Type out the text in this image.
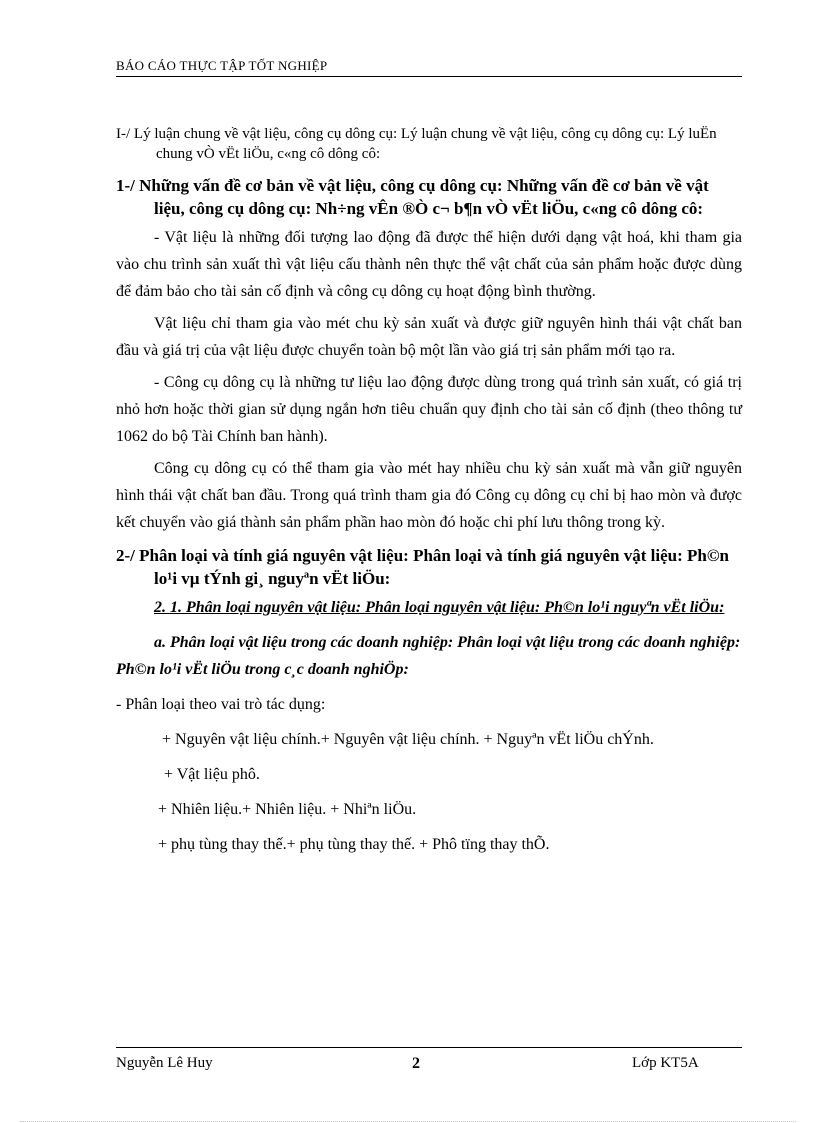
BÁO CÁO THỰC TẬP TỐT NGHIỆP
I-/ Lý luận chung về vật liệu, công cụ dông cụ: Lý luận chung về vật liệu, công cụ dông cụ: Lý luËn chung vÒ vËt liÖu, c«ng cô dông cô:
1-/ Những vấn đề cơ bản về vật liệu, công cụ dông cụ: Những vấn đề cơ bản về vật liệu, công cụ dông cụ: Nh÷ng vÊn ®Ò c¬ b¶n vÒ vËt liÖu, c«ng cô dông cô:
- Vật liệu là những đối tượng lao động đã được thể hiện dưới dạng vật hoá, khi tham gia vào chu trình sản xuất thì vật liệu cấu thành nên thực thể vật chất của sản phẩm hoặc được dùng để đảm bảo cho tài sản cố định và công cụ dông cụ hoạt động bình thường.
Vật liệu chỉ tham gia vào mét chu kỳ sản xuất và được giữ nguyên hình thái vật chất ban đầu và giá trị của vật liệu được chuyển toàn bộ một lần vào giá trị sản phẩm mới tạo ra.
- Công cụ dông cụ là những tư liệu lao động được dùng trong quá trình sản xuất, có giá trị nhỏ hơn hoặc thời gian sử dụng ngắn hơn tiêu chuẩn quy định cho tài sản cố định (theo thông tư 1062 do bộ Tài Chính ban hành).
Công cụ dông cụ có thể tham gia vào mét hay nhiều chu kỳ sản xuất mà vẫn giữ nguyên hình thái vật chất ban đầu. Trong quá trình tham gia đó Công cụ dông cụ chỉ bị hao mòn và được kết chuyển vào giá thành sản phẩm phần hao mòn đó hoặc chi phí lưu thông trong kỳ.
2-/ Phân loại và tính giá nguyên vật liệu: Phân loại và tính giá nguyên vật liệu: Ph©n lo¹i vµ tÝnh gi¸ nguyªn vËt liÖu:
2. 1. Phân loại nguyên vật liệu: Phân loại nguyên vật liệu: Ph©n lo¹i nguyªn vËt liÖu:
a. Phân loại vật liệu trong các doanh nghiệp: Phân loại vật liệu trong các doanh nghiệp: Ph©n lo¹i vËt liÖu trong c¸c doanh nghiÖp:
- Phân loại theo vai trò tác dụng:
+ Nguyên vật liệu chính.+ Nguyên vật liệu chính. + Nguyªn vËt liÖu chÝnh.
+ Vật liệu phô.
+ Nhiên liệu.+ Nhiên liệu. + Nhiªn liÖu.
+ phụ tùng thay thế.+ phụ tùng thay thế. + Phô tïng thay thÕ.
Nguyễn Lê Huy	2	Lớp KT5A
